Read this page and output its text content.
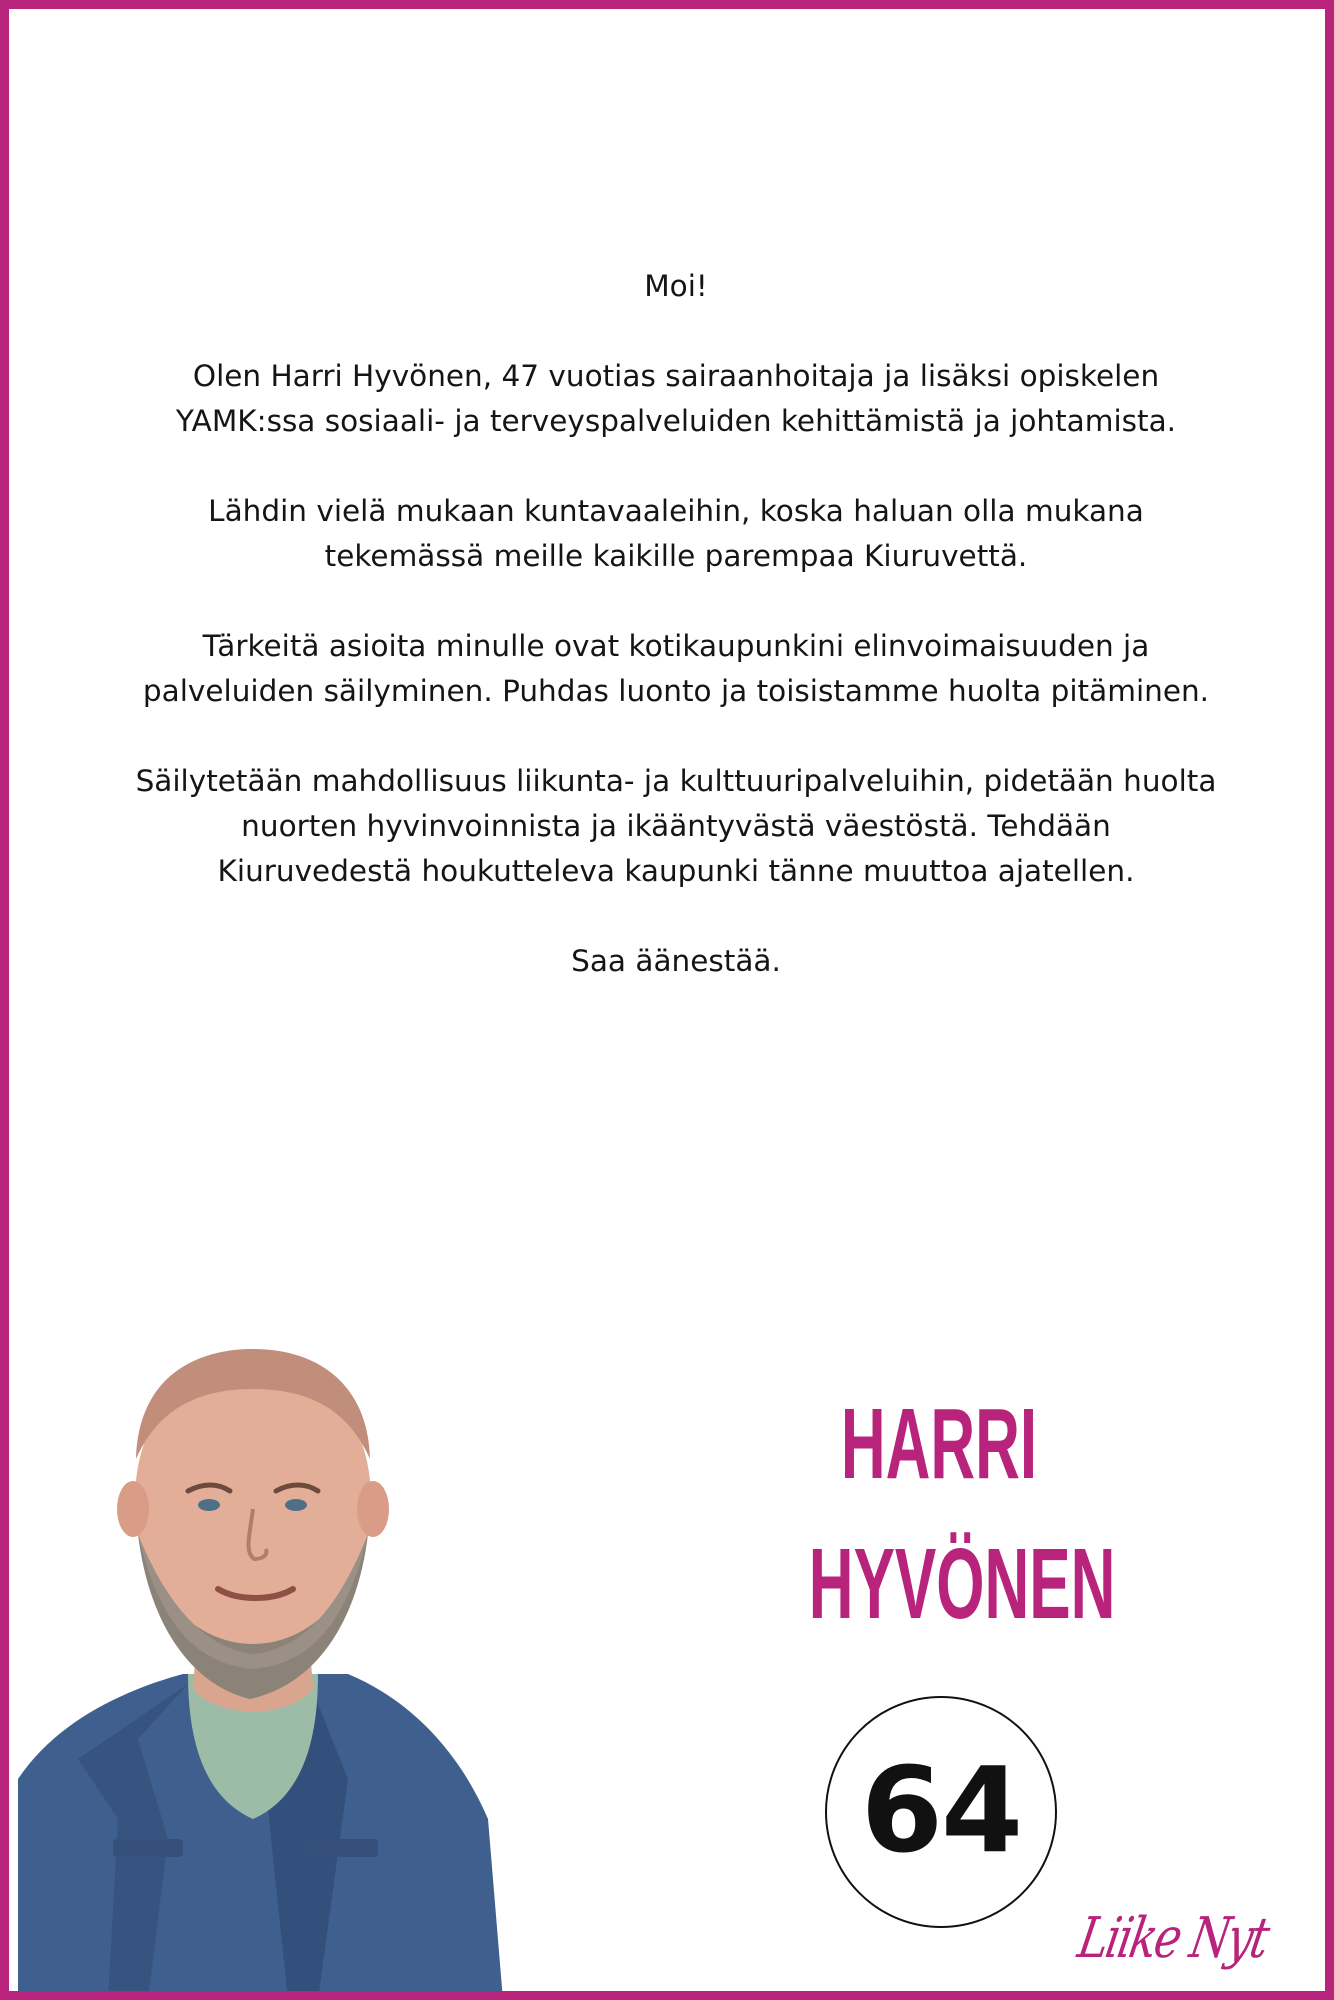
Moi!

Olen Harri Hyvönen, 47 vuotias sairaanhoitaja ja lisäksi opiskelen
YAMK:ssa sosiaali- ja terveyspalveluiden kehittämistä ja johtamista.

Lähdin vielä mukaan kuntavaaleihin, koska haluan olla mukana
tekemässä meille kaikille parempaa Kiuruvettä.

Tärkeitä asioita minulle ovat kotikaupunkini elinvoimaisuuden ja
palveluiden säilyminen. Puhdas luonto ja toisistamme huolta pitäminen.

Säilytetään mahdollisuus liikunta- ja kulttuuripalveluihin, pidetään huolta
nuorten hyvinvoinnista ja ikääntyvästä väestöstä. Tehdään
Kiuruvedestä houkutteleva kaupunki tänne muuttoa ajatellen.

Saa äänestää.

HARRI
HYVÖNEN
64
Liike Nyt
